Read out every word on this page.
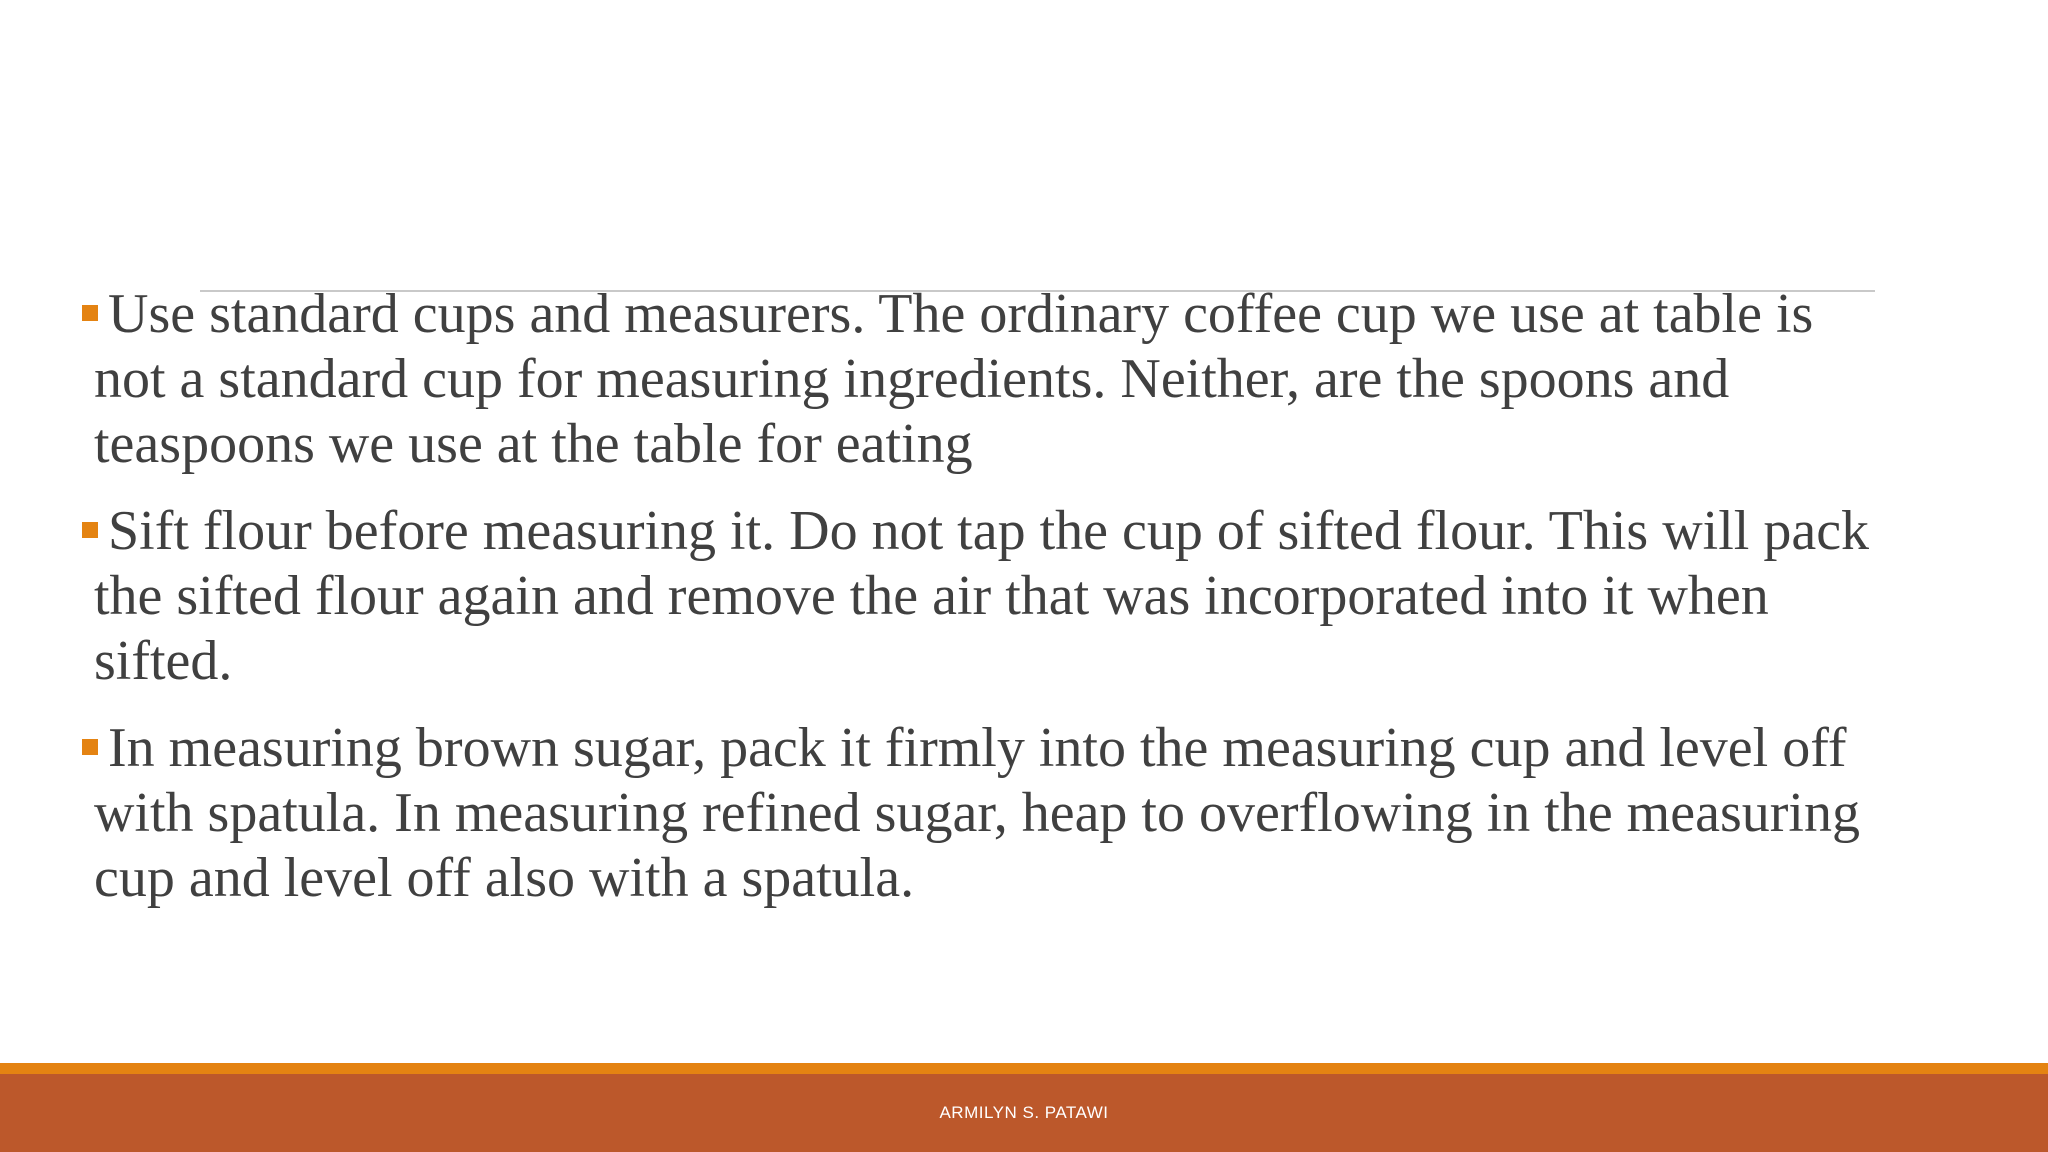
Use standard cups and measurers. The ordinary coffee cup we use at table is not a standard cup for measuring ingredients. Neither, are the spoons and teaspoons we use at the table for eating
Sift flour before measuring it. Do not tap the cup of sifted flour. This will pack the sifted flour again and remove the air that was incorporated into it when sifted.
In measuring brown sugar, pack it firmly into the measuring cup and level off with spatula. In measuring refined sugar, heap to overflowing in the measuring cup and level off also with a spatula.
ARMILYN S. PATAWI
